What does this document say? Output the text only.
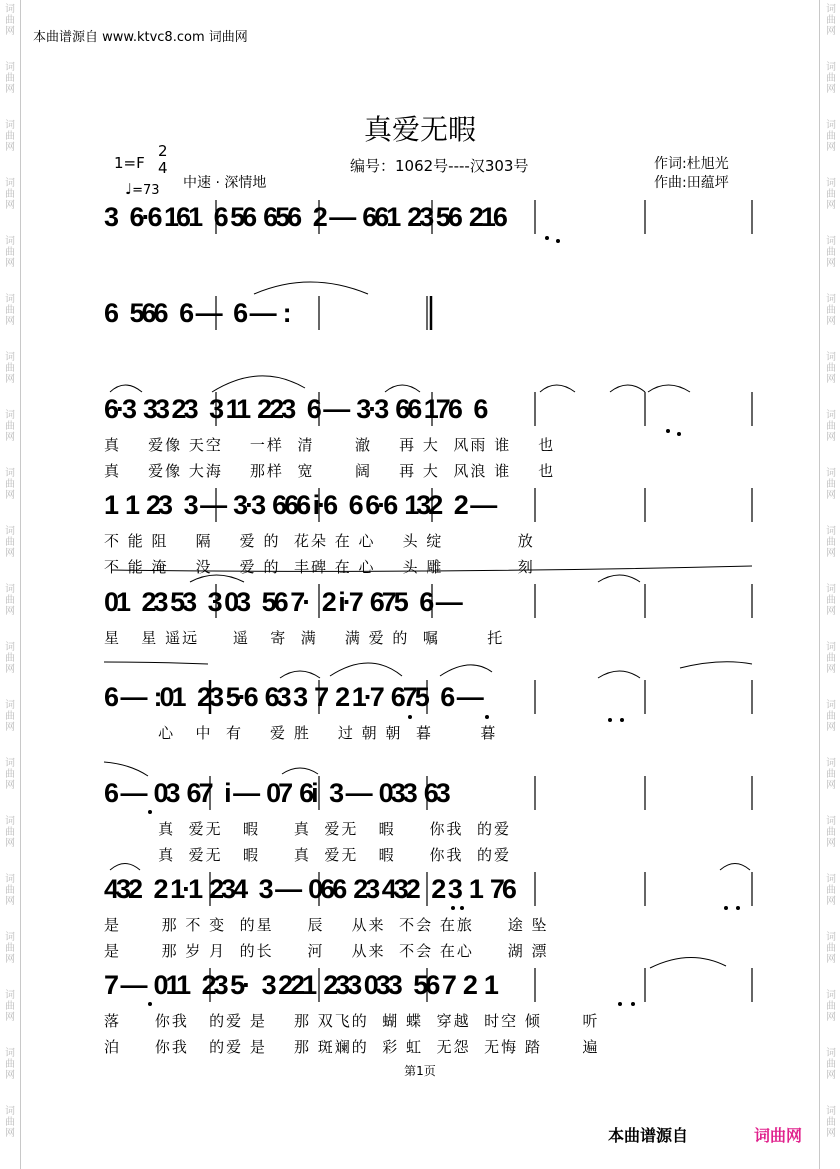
词
曲
网
词
曲
网
词
曲
网
词
曲
网
词
曲
网
词
曲
网
词
曲
网
词
曲
网
词
曲
网
词
曲
网
词
曲
网
词
曲
网
词
曲
网
词
曲
网
词
曲
网
词
曲
网
词
曲
网
词
曲
网
词
曲
网
词
曲
网
词
曲
网
词
曲
网
词
曲
网
词
曲
网
词
曲
网
词
曲
网
词
曲
网
词
曲
网
词
曲
网
词
曲
网
词
曲
网
词
曲
网
词
曲
网
词
曲
网
词
曲
网
词
曲
网
词
曲
网
词
曲
网
词
曲
网
词
曲
网
本曲谱源自 www.ktvc8.com 词曲网
真爱无暇
1=F
2
4
♩=73 中速 · 深情地
编号：1062号----汉303号	作词:杜旭光
作曲:田蕴坪
3   6·6 161   6 56  656   2 —  661  23 56  216
6   566   6 —   6 —  :
6·3  33 23   3 11  223   6 —  3·3  66 176   6
真    爱像 天空    一样  清      澈    再 大  风雨 谁    也
真    爱像 大海    那样  宽      阔    再 大  风浪 谁    也
1  1  23   3 —  3·3  666 i·6   6 6·6  132   2 —
不 能 阻    隔    爱 的  花朵 在 心    头 绽           放
不 能 淹    没    爱 的  丰碑 在 心    头 雕           刻
01   23 53   3 03   56 7·   2 i·7  675   6 —
星   星 遥远     遥   寄  满    满 爱 的  嘱       托
6 —  :01   23 5·6  63 3  7  2 1·7  675   6 —
心   中  有    爱 胜    过 朝 朝  暮       暮
6 —  03  67   i —  07  6i   3 —  033  63
真  爱无   暇     真  爱无   暇     你我  的爱
真  爱无   暇     真  爱无   暇     你我  的爱
432   2 1·1  234   3 —  066  23 432   2 3  1  76
是      那 不 变  的星     辰    从来  不会 在旅     途 坠
是      那 岁 月  的长     河    从来  不会 在心     湖 漂
7 —  011   23 5·   3 221  233 033   56 7  2  1
落     你我   的爱 是    那 双飞的  蝴 蝶  穿越  时空 倾      听
泊     你我   的爱 是    那 斑斓的  彩 虹  无怨  无悔 踏      遍
第1页
本曲谱源自	词曲网
